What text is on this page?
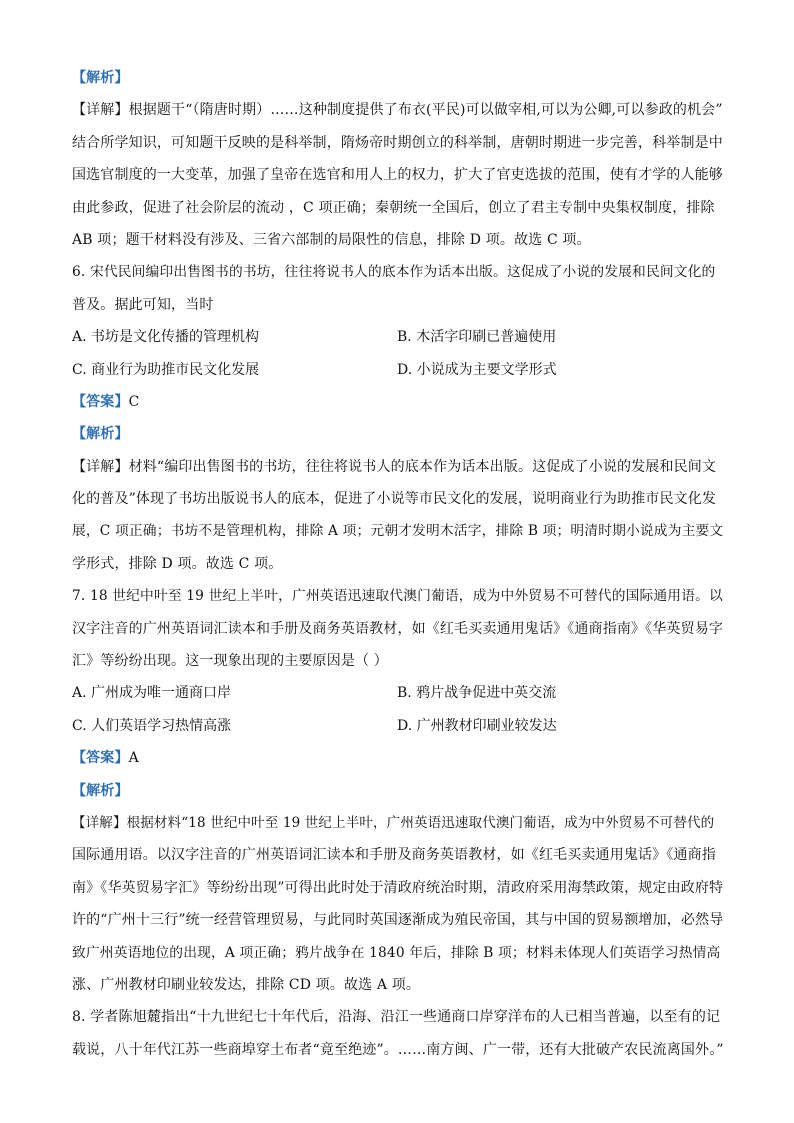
【解析】
【详解】根据题干“（隋唐时期）……这种制度提供了布衣(平民)可以做宰相,可以为公卿,可以参政的机会”
结合所学知识，可知题干反映的是科举制，隋炀帝时期创立的科举制，唐朝时期进一步完善，科举制是中
国选官制度的一大变革，加强了皇帝在选官和用人上的权力，扩大了官吏选拔的范围，使有才学的人能够
由此参政，促进了社会阶层的流动 ，C 项正确；秦朝统一全国后，创立了君主专制中央集权制度，排除
AB 项；题干材料没有涉及、三省六部制的局限性的信息，排除 D 项。故选 C 项。
6. 宋代民间编印出售图书的书坊，往往将说书人的底本作为话本出版。这促成了小说的发展和民间文化的
普及。据此可知，当时
A. 书坊是文化传播的管理机构	B. 木活字印刷已普遍使用
C. 商业行为助推市民文化发展	D. 小说成为主要文学形式
【答案】C
【解析】
【详解】材料“编印出售图书的书坊，往往将说书人的底本作为话本出版。这促成了小说的发展和民间文
化的普及”体现了书坊出版说书人的底本，促进了小说等市民文化的发展，说明商业行为助推市民文化发
展，C 项正确；书坊不是管理机构，排除 A 项；元朝才发明木活字，排除 B 项；明清时期小说成为主要文
学形式，排除 D 项。故选 C 项。
7. 18 世纪中叶至 19 世纪上半叶，广州英语迅速取代澳门葡语，成为中外贸易不可替代的国际通用语。以
汉字注音的广州英语词汇读本和手册及商务英语教材，如《红毛买卖通用鬼话》《通商指南》《华英贸易字
汇》等纷纷出现。这一现象出现的主要原因是（ ）
A. 广州成为唯一通商口岸	B. 鸦片战争促进中英交流
C. 人们英语学习热情高涨	D. 广州教材印刷业较发达
【答案】A
【解析】
【详解】根据材料“18 世纪中叶至 19 世纪上半叶，广州英语迅速取代澳门葡语，成为中外贸易不可替代的
国际通用语。以汉字注音的广州英语词汇读本和手册及商务英语教材，如《红毛买卖通用鬼话》《通商指
南》《华英贸易字汇》等纷纷出现”可得出此时处于清政府统治时期，清政府采用海禁政策，规定由政府特
许的“广州十三行”统一经营管理贸易，与此同时英国逐渐成为殖民帝国，其与中国的贸易额增加，必然导
致广州英语地位的出现，A 项正确；鸦片战争在 1840 年后，排除 B 项；材料未体现人们英语学习热情高
涨、广州教材印刷业较发达，排除 CD 项。故选 A 项。
8. 学者陈旭麓指出“十九世纪七十年代后，沿海、沿江一些通商口岸穿洋布的人已相当普遍，以至有的记
载说，八十年代江苏一些商埠穿土布者“竟至绝迹”。……南方闽、广一带，还有大批破产农民流离国外。”
